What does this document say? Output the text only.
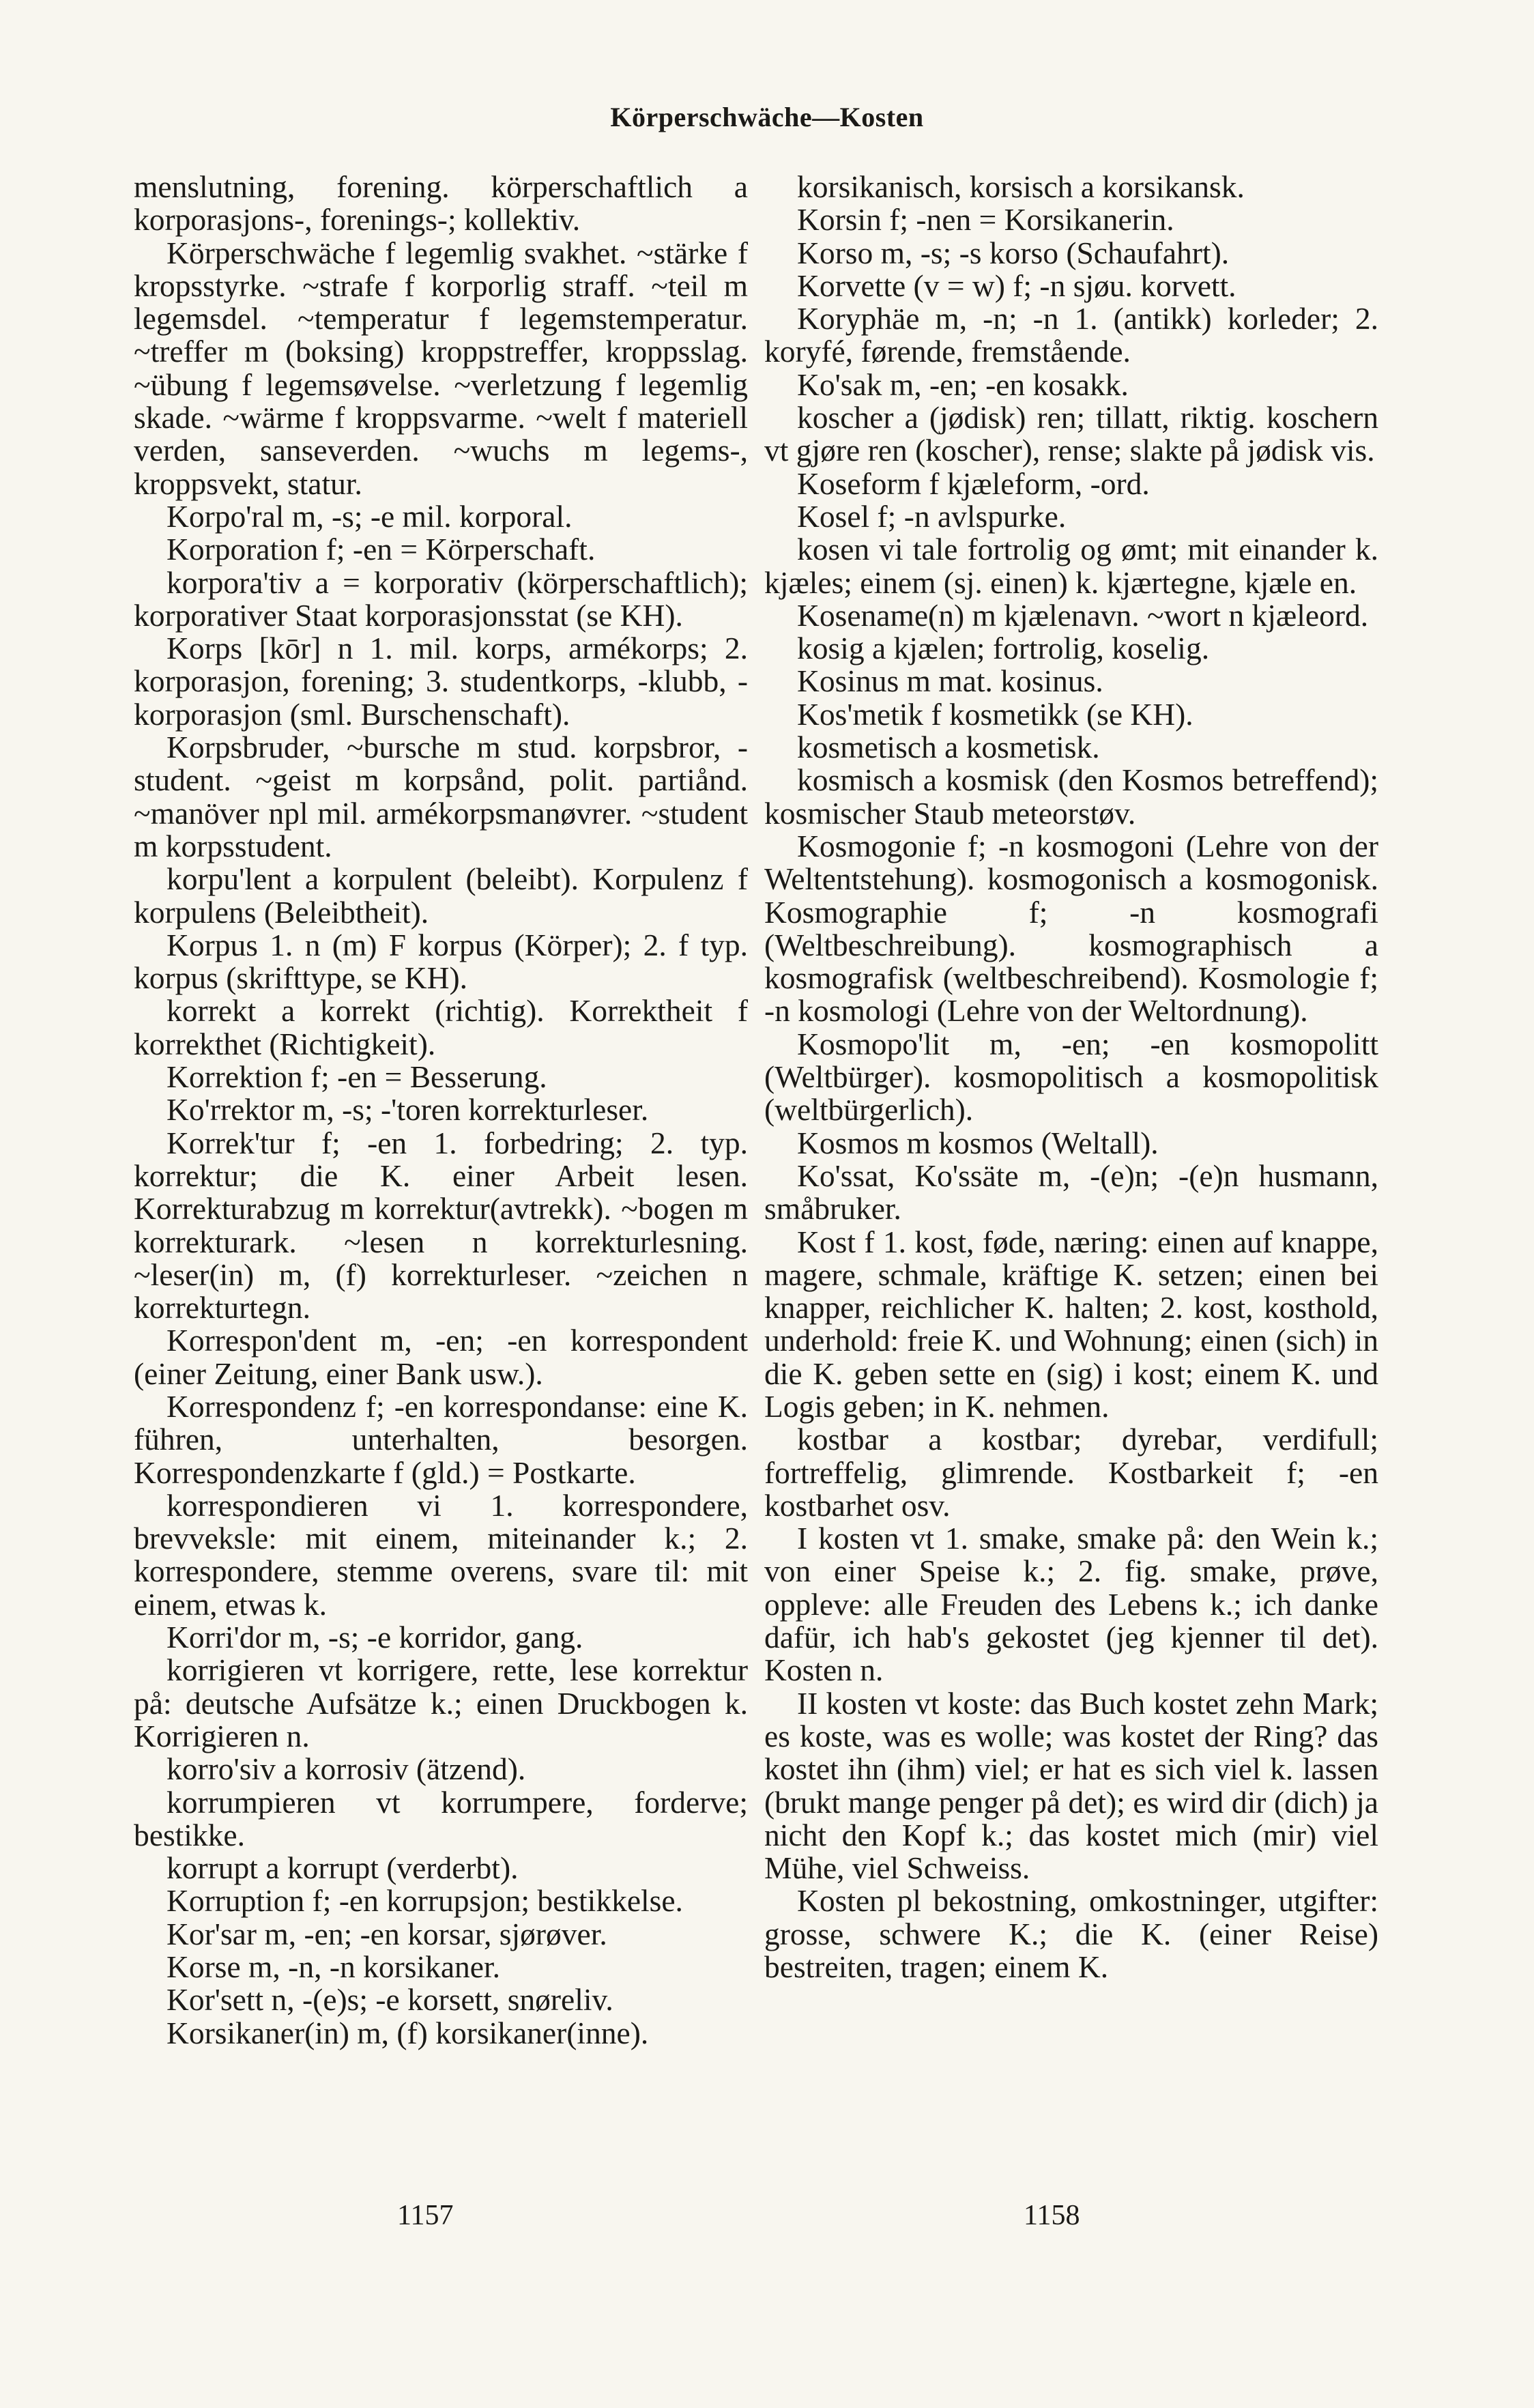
Körperschwäche—Kosten

menslutning, forening. körperschaftlich a korporasjons-, forenings-; kollektiv.

Körperschwäche f legemlig svakhet. ~stärke f kropsstyrke. ~strafe f korporlig straff. ~teil m legemsdel. ~temperatur f legemstemperatur. ~treffer m (boksing) kroppstreffer, kroppsslag. ~übung f legemsøvelse. ~verletzung f legemlig skade. ~wärme f kroppsvarme. ~welt f materiell verden, sanseverden. ~wuchs m legems-, kroppsvekt, statur.

Korpo'ral m, -s; -e mil. korporal.

Korporation f; -en = Körperschaft.

korpora'tiv a = korporativ (körperschaftlich); korporativer Staat korporasjonsstat (se KH).

Korps [kōr] n 1. mil. korps, armékorps; 2. korporasjon, forening; 3. studentkorps, -klubb, -korporasjon (sml. Burschenschaft).

Korpsbruder, ~bursche m stud. korpsbror, -student. ~geist m korpsånd, polit. partiånd. ~manöver npl mil. armékorpsmanøvrer. ~student m korpsstudent.

korpu'lent a korpulent (beleibt). Korpulenz f korpulens (Beleibtheit).

Korpus 1. n (m) F korpus (Körper); 2. f typ. korpus (skrifttype, se KH).

korrekt a korrekt (richtig). Korrektheit f korrekthet (Richtigkeit).

Korrektion f; -en = Besserung.

Ko'rrektor m, -s; -'toren korrekturleser.

Korrek'tur f; -en 1. forbedring; 2. typ. korrektur; die K. einer Arbeit lesen. Korrekturabzug m korrektur(avtrekk). ~bogen m korrekturark. ~lesen n korrekturlesning. ~leser(in) m, (f) korrekturleser. ~zeichen n korrekturtegn.

Korrespon'dent m, -en; -en korrespondent (einer Zeitung, einer Bank usw.).

Korrespondenz f; -en korrespondanse: eine K. führen, unterhalten, besorgen. Korrespondenzkarte f (gld.) = Postkarte.

korrespondieren vi 1. korrespondere, brevveksle: mit einem, miteinander k.; 2. korrespondere, stemme overens, svare til: mit einem, etwas k.

Korri'dor m, -s; -e korridor, gang.

korrigieren vt korrigere, rette, lese korrektur på: deutsche Aufsätze k.; einen Druckbogen k. Korrigieren n.

korro'siv a korrosiv (ätzend).

korrumpieren vt korrumpere, forderve; bestikke.

korrupt a korrupt (verderbt).

Korruption f; -en korrupsjon; bestikkelse.

Kor'sar m, -en; -en korsar, sjørøver.

Korse m, -n, -n korsikaner.

Kor'sett n, -(e)s; -e korsett, snøreliv.

Korsikaner(in) m, (f) korsikaner(inne).

korsikanisch, korsisch a korsikansk.

Korsin f; -nen = Korsikanerin.

Korso m, -s; -s korso (Schaufahrt).

Korvette (v = w) f; -n sjøu. korvett.

Koryphäe m, -n; -n 1. (antikk) korleder; 2. koryfé, førende, fremstående.

Ko'sak m, -en; -en kosakk.

koscher a (jødisk) ren; tillatt, riktig. koschern vt gjøre ren (koscher), rense; slakte på jødisk vis.

Koseform f kjæleform, -ord.

Kosel f; -n avlspurke.

kosen vi tale fortrolig og ømt; mit einander k. kjæles; einem (sj. einen) k. kjærtegne, kjæle en.

Kosename(n) m kjælenavn. ~wort n kjæleord.

kosig a kjælen; fortrolig, koselig.

Kosinus m mat. kosinus.

Kos'metik f kosmetikk (se KH).

kosmetisch a kosmetisk.

kosmisch a kosmisk (den Kosmos betreffend); kosmischer Staub meteorstøv.

Kosmogonie f; -n kosmogoni (Lehre von der Weltentstehung). kosmogonisch a kosmogonisk. Kosmographie f; -n kosmografi (Weltbeschreibung). kosmographisch a kosmografisk (weltbeschreibend). Kosmologie f; -n kosmologi (Lehre von der Weltordnung).

Kosmopo'lit m, -en; -en kosmopolitt (Weltbürger). kosmopolitisch a kosmopolitisk (weltbürgerlich).

Kosmos m kosmos (Weltall).

Ko'ssat, Ko'ssäte m, -(e)n; -(e)n husmann, småbruker.

Kost f 1. kost, føde, næring: einen auf knappe, magere, schmale, kräftige K. setzen; einen bei knapper, reichlicher K. halten; 2. kost, kosthold, underhold: freie K. und Wohnung; einen (sich) in die K. geben sette en (sig) i kost; einem K. und Logis geben; in K. nehmen.

kostbar a kostbar; dyrebar, verdifull; fortreffelig, glimrende. Kostbarkeit f; -en kostbarhet osv.

I kosten vt 1. smake, smake på: den Wein k.; von einer Speise k.; 2. fig. smake, prøve, oppleve: alle Freuden des Lebens k.; ich danke dafür, ich hab's gekostet (jeg kjenner til det). Kosten n.

II kosten vt koste: das Buch kostet zehn Mark; es koste, was es wolle; was kostet der Ring? das kostet ihn (ihm) viel; er hat es sich viel k. lassen (brukt mange penger på det); es wird dir (dich) ja nicht den Kopf k.; das kostet mich (mir) viel Mühe, viel Schweiss.

Kosten pl bekostning, omkostninger, utgifter: grosse, schwere K.; die K. (einer Reise) bestreiten, tragen; einem K.

1157	1158
